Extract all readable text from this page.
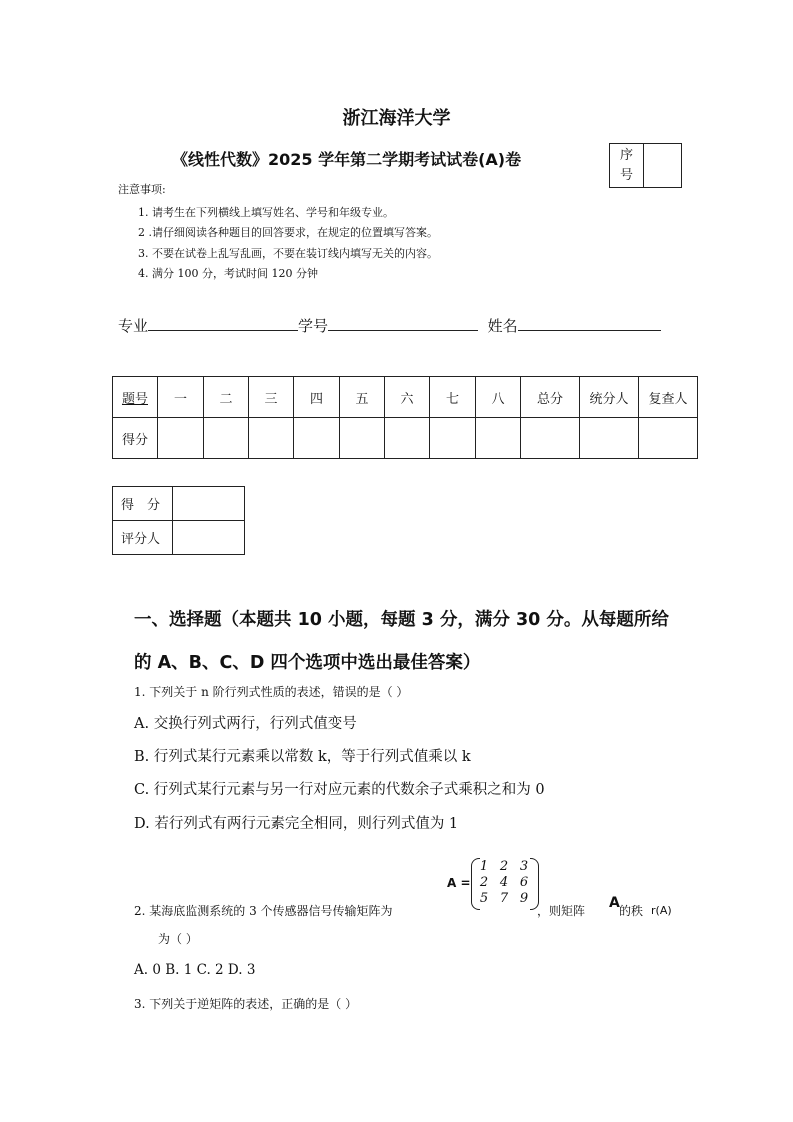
浙江海洋大学
《线性代数》2025 学年第二学期考试试卷(A)卷	序
号
注意事项:
1. 请考生在下列横线上填写姓名、学号和年级专业。
2 .请仔细阅读各种题目的回答要求，在规定的位置填写答案。
3. 不要在试卷上乱写乱画，不要在装订线内填写无关的内容。
4. 满分 100 分，考试时间 120 分钟
专业	学号	姓名
题号	一	二	三	四	五	六	七	八	总分	统分人	复查人
得分											
得　分	
评分人	
一、选择题（本题共 10 小题，每题 3 分，满分 30 分。从每题所给
的 A、B、C、D 四个选项中选出最佳答案）
1. 下列关于 n 阶行列式性质的表述，错误的是（ ）
A. 交换行列式两行，行列式值变号
B. 行列式某行元素乘以常数 k，等于行列式值乘以 k
C. 行列式某行元素与另一行对应元素的代数余子式乘积之和为 0
D. 若行列式有两行元素完全相同，则行列式值为 1
2. 某海底监测系统的 3 个传感器信号传输矩阵为
A =
1 2 3
2 4 6
5 7 9
，则矩阵 A 的秩 r(A)
为（ ）
A. 0 B. 1 C. 2 D. 3
3. 下列关于逆矩阵的表述，正确的是（ ）
